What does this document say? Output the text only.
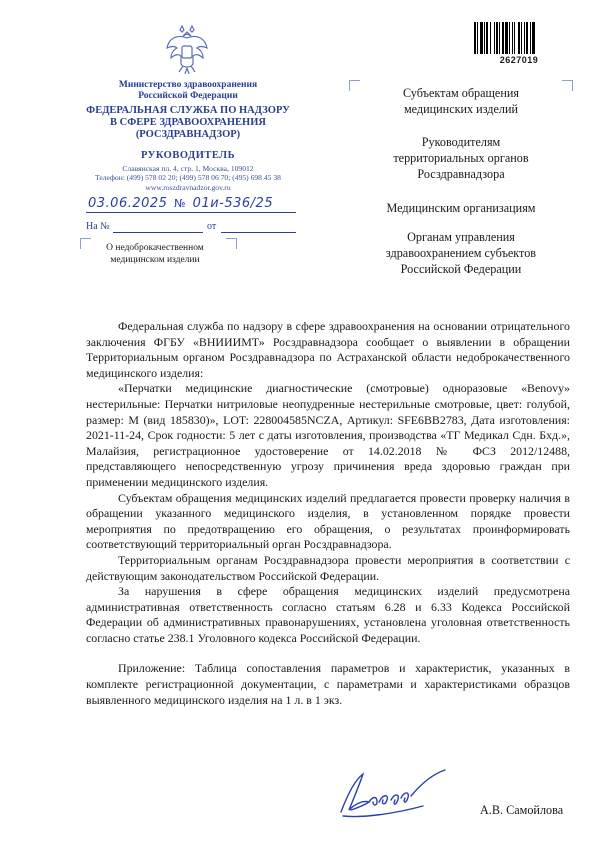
2627019
Министерство здравоохранения
Российской Федерации
ФЕДЕРАЛЬНАЯ СЛУЖБА ПО НАДЗОРУ
В СФЕРЕ ЗДРАВООХРАНЕНИЯ
(РОСЗДРАВНАДЗОР)
РУКОВОДИТЕЛЬ
Славянская пл. 4, стр. 1, Москва, 109012
Телефон: (499) 578 02 20; (499) 578 06 70; (495) 698 45 38
www.roszdravnadzor.gov.ru
03.06.2025 № 01и-536/25
На №	от
О недоброкачественном
медицинском изделии
Субъектам обращения
медицинских изделий
Руководителям
территориальных органов
Росздравнадзора
Медицинским организациям
Органам управления
здравоохранением субъектов
Российской Федерации

Федеральная служба по надзору в сфере здравоохранения на основании отрицательного заключения ФГБУ «ВНИИИМТ» Росздравнадзора сообщает о выявлении в обращении Территориальным органом Росздравнадзора по Астраханской области недоброкачественного медицинского изделия:

«Перчатки медицинские диагностические (смотровые) одноразовые «Benovy» нестерильные: Перчатки нитриловые неопудренные нестерильные смотровые, цвет: голубой, размер: M (вид 185830)», LOT: 228004585NCZA, Артикул: SFE6BB2783, Дата изготовления: 2021-11-24, Срок годности: 5 лет с даты изготовления, производства «ТГ Медикал Сдн. Бхд.», Малайзия, регистрационное удостоверение от 14.02.2018 № ФСЗ 2012/12488, представляющего непосредственную угрозу причинения вреда здоровью граждан при применении медицинского изделия.

Субъектам обращения медицинских изделий предлагается провести проверку наличия в обращении указанного медицинского изделия, в установленном порядке провести мероприятия по предотвращению его обращения, о результатах проинформировать соответствующий территориальный орган Росздравнадзора.

Территориальным органам Росздравнадзора провести мероприятия в соответствии с действующим законодательством Российской Федерации.

За нарушения в сфере обращения медицинских изделий предусмотрена административная ответственность согласно статьям 6.28 и 6.33 Кодекса Российской Федерации об административных правонарушениях, установлена уголовная ответственность согласно статье 238.1 Уголовного кодекса Российской Федерации.

Приложение: Таблица сопоставления параметров и характеристик, указанных в комплекте регистрационной документации, с параметрами и характеристиками образцов выявленного медицинского изделия на 1 л. в 1 экз.

А.В. Самойлова
